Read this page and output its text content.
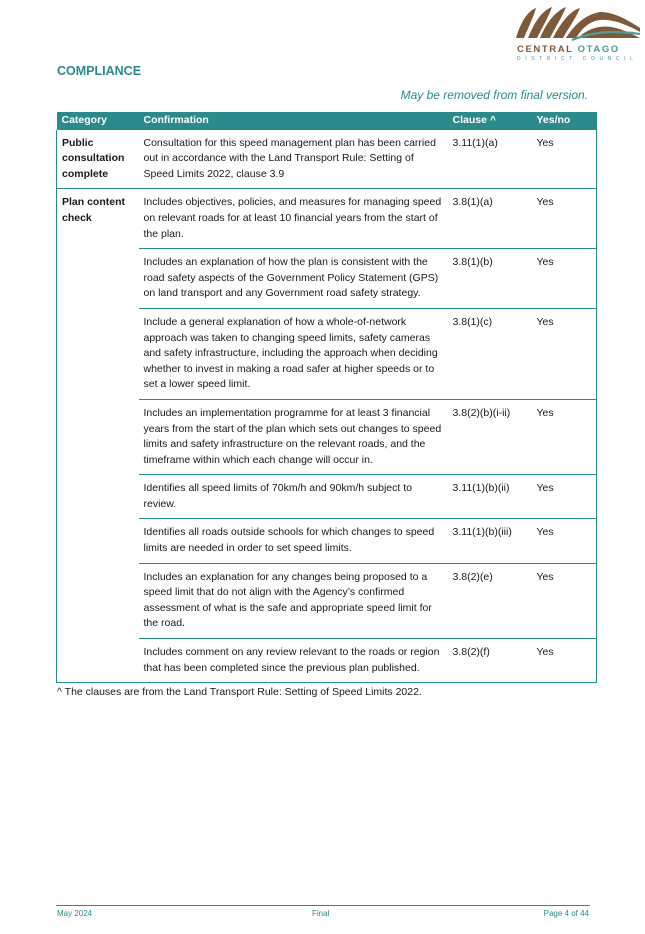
CENTRAL OTAGO
DISTRICT COUNCIL
COMPLIANCE
May be removed from final version.
Category	Confirmation	Clause ^	Yes/no
Public consultation complete	Consultation for this speed management plan has been carried out in accordance with the Land Transport Rule: Setting of Speed Limits 2022, clause 3.9	3.11(1)(a)	Yes
Plan content check	Includes objectives, policies, and measures for managing speed on relevant roads for at least 10 financial years from the start of the plan.	3.8(1)(a)	Yes
	Includes an explanation of how the plan is consistent with the road safety aspects of the Government Policy Statement (GPS) on land transport and any Government road safety strategy.	3.8(1)(b)	Yes
	Include a general explanation of how a whole-of-network approach was taken to changing speed limits, safety cameras and safety infrastructure, including the approach when deciding whether to invest in making a road safer at higher speeds or to set a lower speed limit.	3.8(1)(c)	Yes
	Includes an implementation programme for at least 3 financial years from the start of the plan which sets out changes to speed limits and safety infrastructure on the relevant roads, and the timeframe within which each change will occur in.	3.8(2)(b)(i-ii)	Yes
	Identifies all speed limits of 70km/h and 90km/h subject to review.	3.11(1)(b)(ii)	Yes
	Identifies all roads outside schools for which changes to speed limits are needed in order to set speed limits.	3.11(1)(b)(iii)	Yes
	Includes an explanation for any changes being proposed to a speed limit that do not align with the Agency’s confirmed assessment of what is the safe and appropriate speed limit for the road.	3.8(2)(e)	Yes
	Includes comment on any review relevant to the roads or region that has been completed since the previous plan published.	3.8(2)(f)	Yes
^ The clauses are from the Land Transport Rule: Setting of Speed Limits 2022.
May 2024	Final	Page 4 of 44
